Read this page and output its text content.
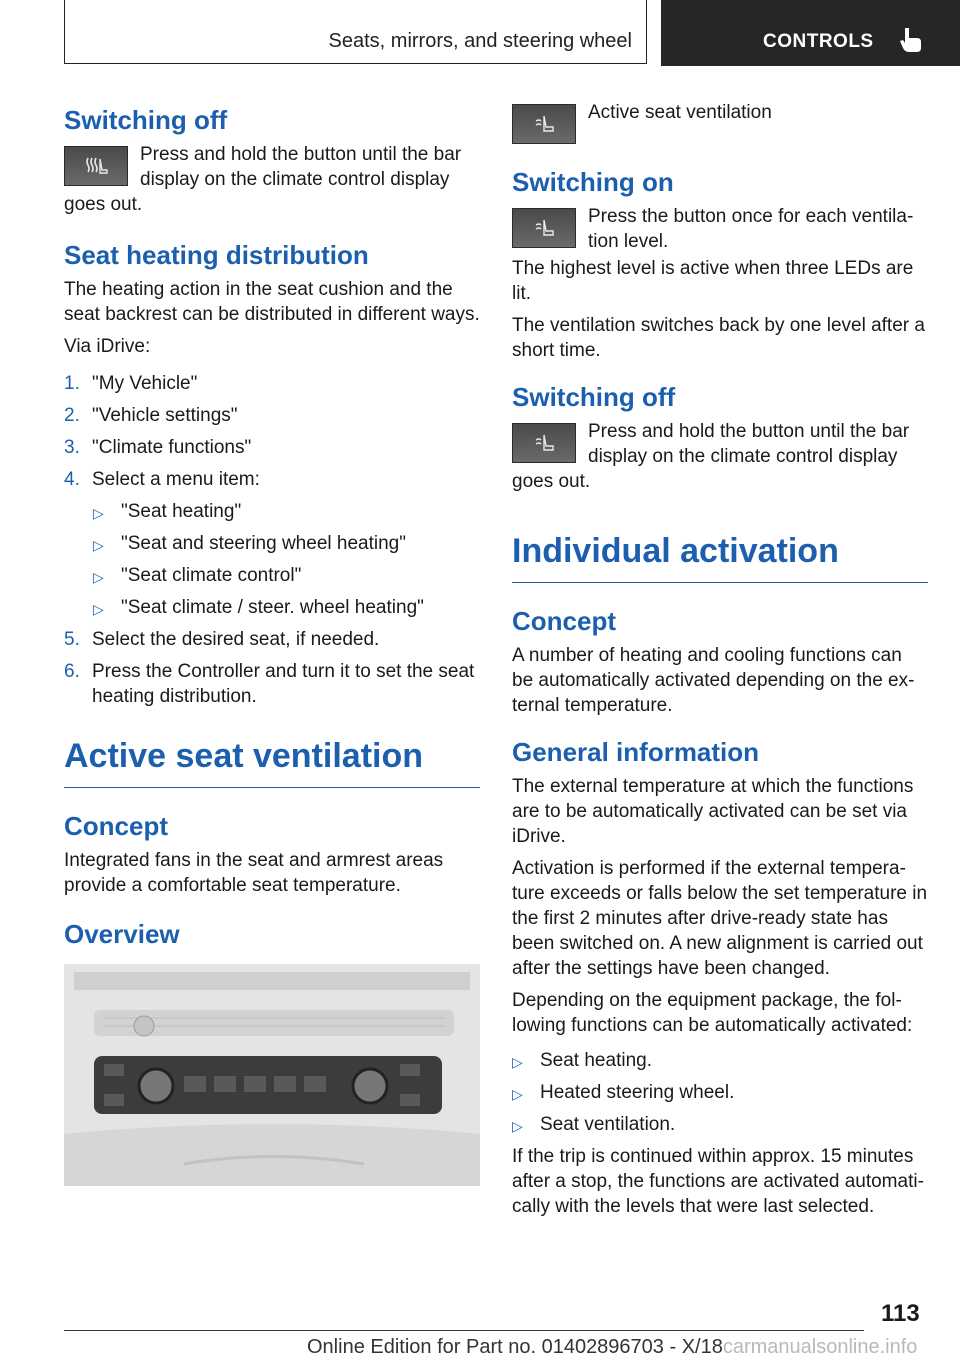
Seats, mirrors, and steering wheel	CONTROLS
Switching off

Press and hold the button until the bar display on the climate control display goes out.

Seat heating distribution

The heating action in the seat cushion and the seat backrest can be distributed in different ways.

Via iDrive:

1. "My Vehicle"
2. "Vehicle settings"
3. "Climate functions"
4. Select a menu item:
▷ "Seat heating"
▷ "Seat and steering wheel heating"
▷ "Seat climate control"
▷ "Seat climate / steer. wheel heating"
5. Select the desired seat, if needed.
6. Press the Controller and turn it to set the seat heating distribution.
Active seat ventilation
Concept

Integrated fans in the seat and armrest areas provide a comfortable seat temperature.

Overview

Active seat ventilation

Switching on

Press the button once for each ventila‐tion level.

The highest level is active when three LEDs are lit.

The ventilation switches back by one level after a short time.

Switching off

Press and hold the button until the bar display on the climate control display goes out.

Individual activation
Concept

A number of heating and cooling functions can be automatically activated depending on the ex‐ternal temperature.

General information

The external temperature at which the functions are to be automatically activated can be set via iDrive.

Activation is performed if the external tempera‐ture exceeds or falls below the set temperature in the first 2 minutes after drive-ready state has been switched on. A new alignment is carried out after the settings have been changed.

Depending on the equipment package, the fol‐lowing functions can be automatically activated:

▷ Seat heating.
▷ Heated steering wheel.
▷ Seat ventilation.

If the trip is continued within approx. 15 minutes after a stop, the functions are activated automati‐cally with the levels that were last selected.

113
Online Edition for Part no. 01402896703 - X/18carmanualsonline.info
